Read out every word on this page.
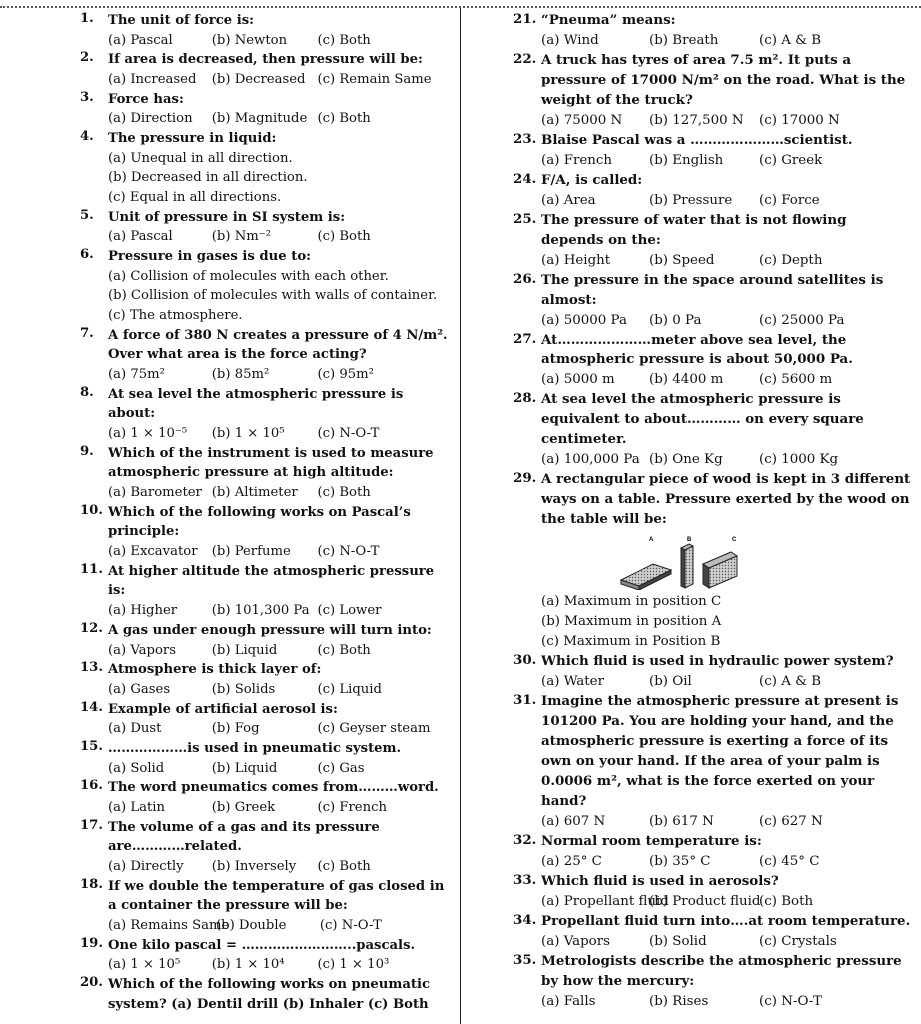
1. The unit of force is:
(a) Pascal	(b) Newton	(c) Both
2. If area is decreased, then pressure will be:
(a) Increased	(b) Decreased (c) Remain Same
3. Force has:
(a) Direction	(b) Magnitude (c) Both
4. The pressure in liquid:
(a) Unequal in all direction.
(b) Decreased in all direction.
(c) Equal in all directions.
5. Unit of pressure in SI system is:
(a) Pascal	(b) Nm⁻²	(c) Both
6. Pressure in gases is due to:
(a) Collision of molecules with each other.
(b) Collision of molecules with walls of container.
(c) The atmosphere.
7. A force of 380 N creates a pressure of 4 N/m². Over what area is the force acting?
(a) 75m²	(b) 85m²	(c) 95m²
8. At sea level the atmospheric pressure is about:
(a) 1 × 10⁻⁵	(b) 1 × 10⁵	(c) N-O-T
9. Which of the instrument is used to measure atmospheric pressure at high altitude:
(a) Barometer (b) Altimeter	(c) Both
10. Which of the following works on Pascal’s principle:
(a) Excavator	(b) Perfume	(c) N-O-T
11. At higher altitude the atmospheric pressure is:
(a) Higher	(b) 101,300 Pa (c) Lower
12. A gas under enough pressure will turn into:
(a) Vapors	(b) Liquid	(c) Both
13. Atmosphere is thick layer of:
(a) Gases	(b) Solids	(c) Liquid
14. Example of artificial aerosol is:
(a) Dust	(b) Fog	(c) Geyser steam
15. ………………is used in pneumatic system.
(a) Solid	(b) Liquid	(c) Gas
16. The word pneumatics comes from………word.
(a) Latin	(b) Greek	(c) French
17. The volume of a gas and its pressure are…………related.
(a) Directly	(b) Inversely	(c) Both
18. If we double the temperature of gas closed in a container the pressure will be:
(a) Remains Same
(b) Double	(c) N-O-T
19. One kilo pascal = ……………………..pascals.
(a) 1 × 10⁵	(b) 1 × 10⁴	(c) 1 × 10³
20. Which of the following works on pneumatic system? (a) Dentil drill (b) Inhaler (c) Both
21. “Pneuma” means:
(a) Wind	(b) Breath	(c) A & B
22. A truck has tyres of area 7.5 m². It puts a pressure of 17000 N/m² on the road. What is the weight of the truck?
(a) 75000 N	(b) 127,500 N	(c) 17000 N
23. Blaise Pascal was a …………………scientist.
(a) French	(b) English	(c) Greek
24. F/A, is called:
(a) Area	(b) Pressure	(c) Force
25. The pressure of water that is not flowing depends on the:
(a) Height	(b) Speed	(c) Depth
26. The pressure in the space around satellites is almost:
(a) 50000 Pa	(b) 0 Pa	(c) 25000 Pa
27. At…………………meter above sea level, the atmospheric pressure is about 50,000 Pa.
(a) 5000 m	(b) 4400 m	(c) 5600 m
28. At sea level the atmospheric pressure is equivalent to about………… on every square centimeter.
(a) 100,000 Pa (b) One Kg	(c) 1000 Kg
29. A rectangular piece of wood is kept in 3 different ways on a table. Pressure exerted by the wood on the table will be:
A	B	C
(a) Maximum in position C
(b) Maximum in position A
(c) Maximum in Position B
30. Which fluid is used in hydraulic power system?
(a) Water	(b) Oil	(c) A & B
31. Imagine the atmospheric pressure at present is 101200 Pa. You are holding your hand, and the atmospheric pressure is exerting a force of its own on your hand. If the area of your palm is 0.0006 m², what is the force exerted on your hand?
(a) 607 N	(b) 617 N	(c) 627 N
32. Normal room temperature is:
(a) 25° C	(b) 35° C	(c) 45° C
33. Which fluid is used in aerosols?
(a) Propellant fluid
(b) Product fluid
(c) Both
34. Propellant fluid turn into….at room temperature.
(a) Vapors	(b) Solid	(c) Crystals
35. Metrologists describe the atmospheric pressure by how the mercury:
(a) Falls	(b) Rises	(c) N-O-T
